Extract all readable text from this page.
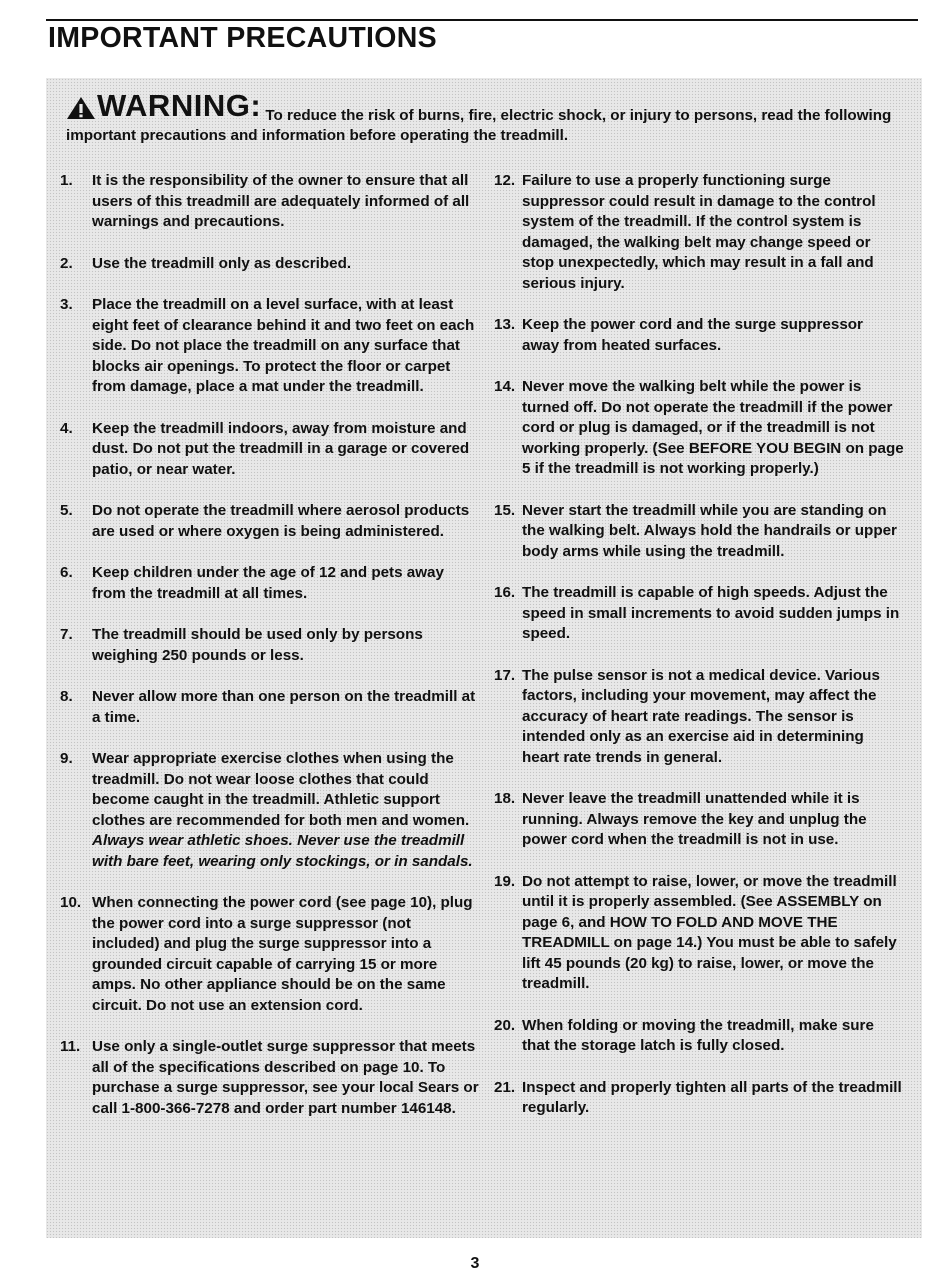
IMPORTANT PRECAUTIONS
WARNING: To reduce the risk of burns, fire, electric shock, or injury to persons, read the following important precautions and information before operating the treadmill.
1.	It is the responsibility of the owner to ensure that all users of this treadmill are adequately informed of all warnings and precautions.
2.	Use the treadmill only as described.
3.	Place the treadmill on a level surface, with at least eight feet of clearance behind it and two feet on each side. Do not place the treadmill on any surface that blocks air openings. To protect the floor or carpet from damage, place a mat under the treadmill.
4.	Keep the treadmill indoors, away from moisture and dust. Do not put the treadmill in a garage or covered patio, or near water.
5.	Do not operate the treadmill where aerosol products are used or where oxygen is being administered.
6.	Keep children under the age of 12 and pets away from the treadmill at all times.
7.	The treadmill should be used only by persons weighing 250 pounds or less.
8.	Never allow more than one person on the treadmill at a time.
9.	Wear appropriate exercise clothes when using the treadmill. Do not wear loose clothes that could become caught in the treadmill. Athletic support clothes are recommended for both men and women. Always wear athletic shoes. Never use the treadmill with bare feet, wearing only stockings, or in sandals.
10. When connecting the power cord (see page 10), plug the power cord into a surge suppressor (not included) and plug the surge suppressor into a grounded circuit capable of carrying 15 or more amps. No other appliance should be on the same circuit. Do not use an extension cord.
11. Use only a single-outlet surge suppressor that meets all of the specifications described on page 10. To purchase a surge suppressor, see your local Sears or call 1-800-366-7278 and order part number 146148.
12. Failure to use a properly functioning surge suppressor could result in damage to the control system of the treadmill. If the control system is damaged, the walking belt may change speed or stop unexpectedly, which may result in a fall and serious injury.
13. Keep the power cord and the surge suppressor away from heated surfaces.
14. Never move the walking belt while the power is turned off. Do not operate the treadmill if the power cord or plug is damaged, or if the treadmill is not working properly. (See BEFORE YOU BEGIN on page 5 if the treadmill is not working properly.)
15. Never start the treadmill while you are standing on the walking belt. Always hold the handrails or upper body arms while using the treadmill.
16. The treadmill is capable of high speeds. Adjust the speed in small increments to avoid sudden jumps in speed.
17. The pulse sensor is not a medical device. Various factors, including your movement, may affect the accuracy of heart rate readings. The sensor is intended only as an exercise aid in determining heart rate trends in general.
18. Never leave the treadmill unattended while it is running. Always remove the key and unplug the power cord when the treadmill is not in use.
19. Do not attempt to raise, lower, or move the treadmill until it is properly assembled. (See ASSEMBLY on page 6, and HOW TO FOLD AND MOVE THE TREADMILL on page 14.) You must be able to safely lift 45 pounds (20 kg) to raise, lower, or move the treadmill.
20. When folding or moving the treadmill, make sure that the storage latch is fully closed.
21. Inspect and properly tighten all parts of the treadmill regularly.
3
